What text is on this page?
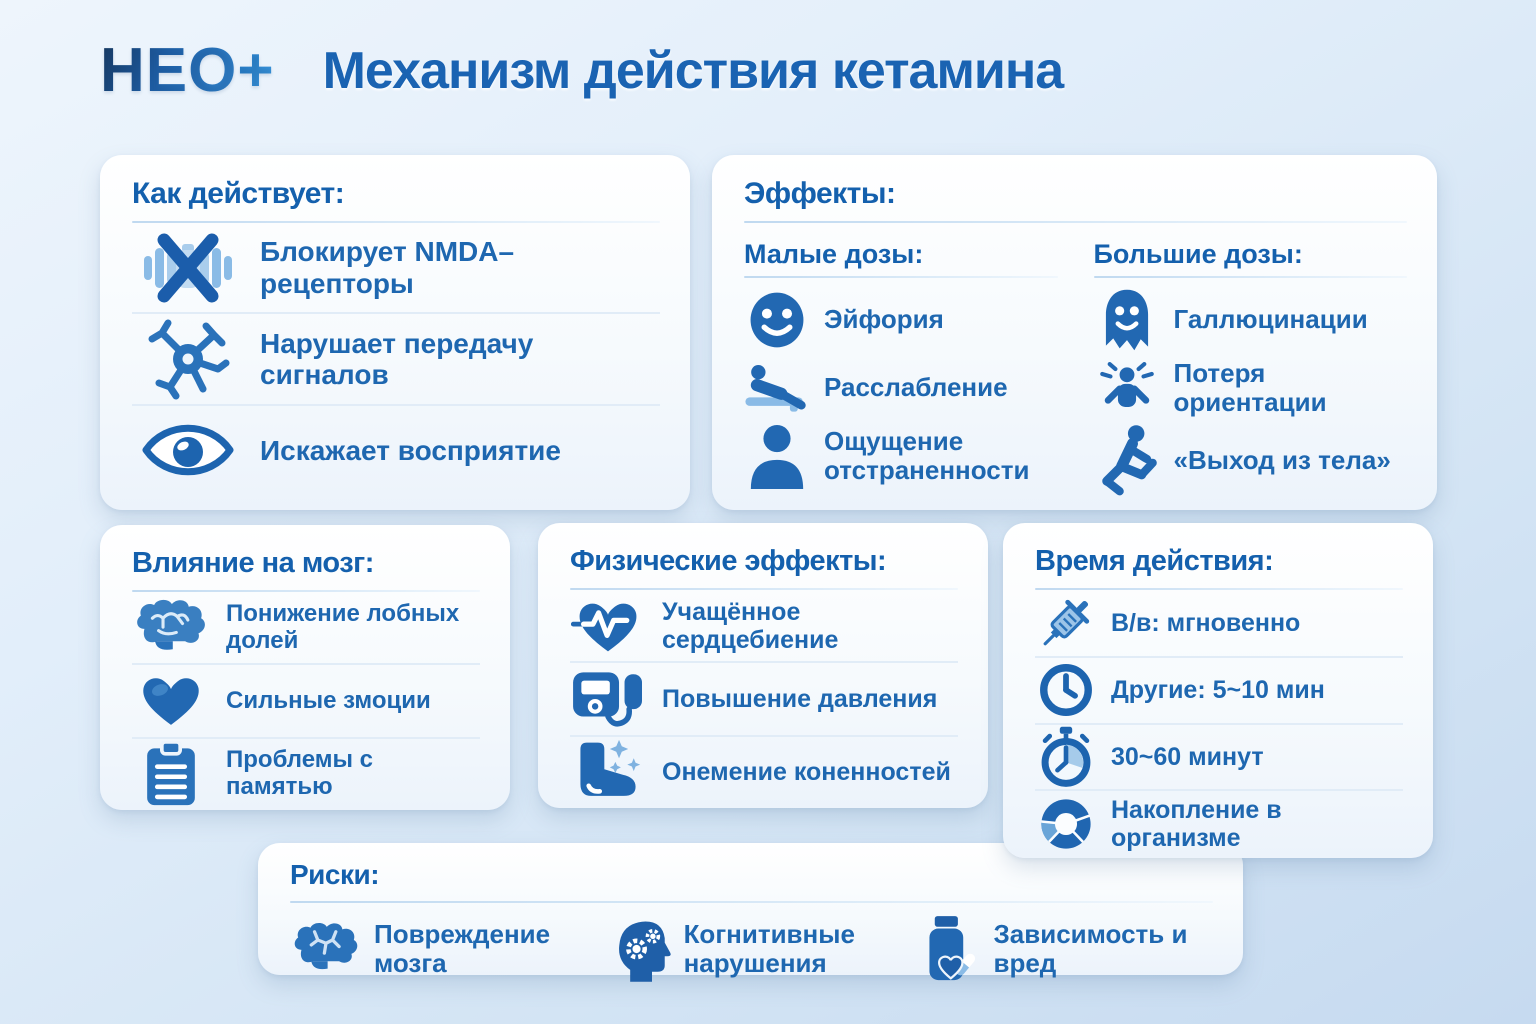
НЕО+ Механизм действия кетамина
Как действует:
Блокирует NMDA–рецепторы
Нарушает передачу сигналов
Искажает восприятие
Эффекты:
Малые дозы:
Эйфория
Расслабление
Ощущение отстраненности
Большие дозы:
Галлюцинации
Потеря ориентации
«Выход из тела»
Влияние на мозг:
Понижение лобных долей
Сильные змоции
Проблемы с памятью
Физические эффекты:
Учащённое сердцебиение
Повышение давления
Онемение коненностей
Время действия:
В/в: мгновенно
Другие: 5~10 мин
30~60 минут
Накопление в организме
Риски:
Повреждение мозга
Когнитивные нарушения
Зависимость и вред
